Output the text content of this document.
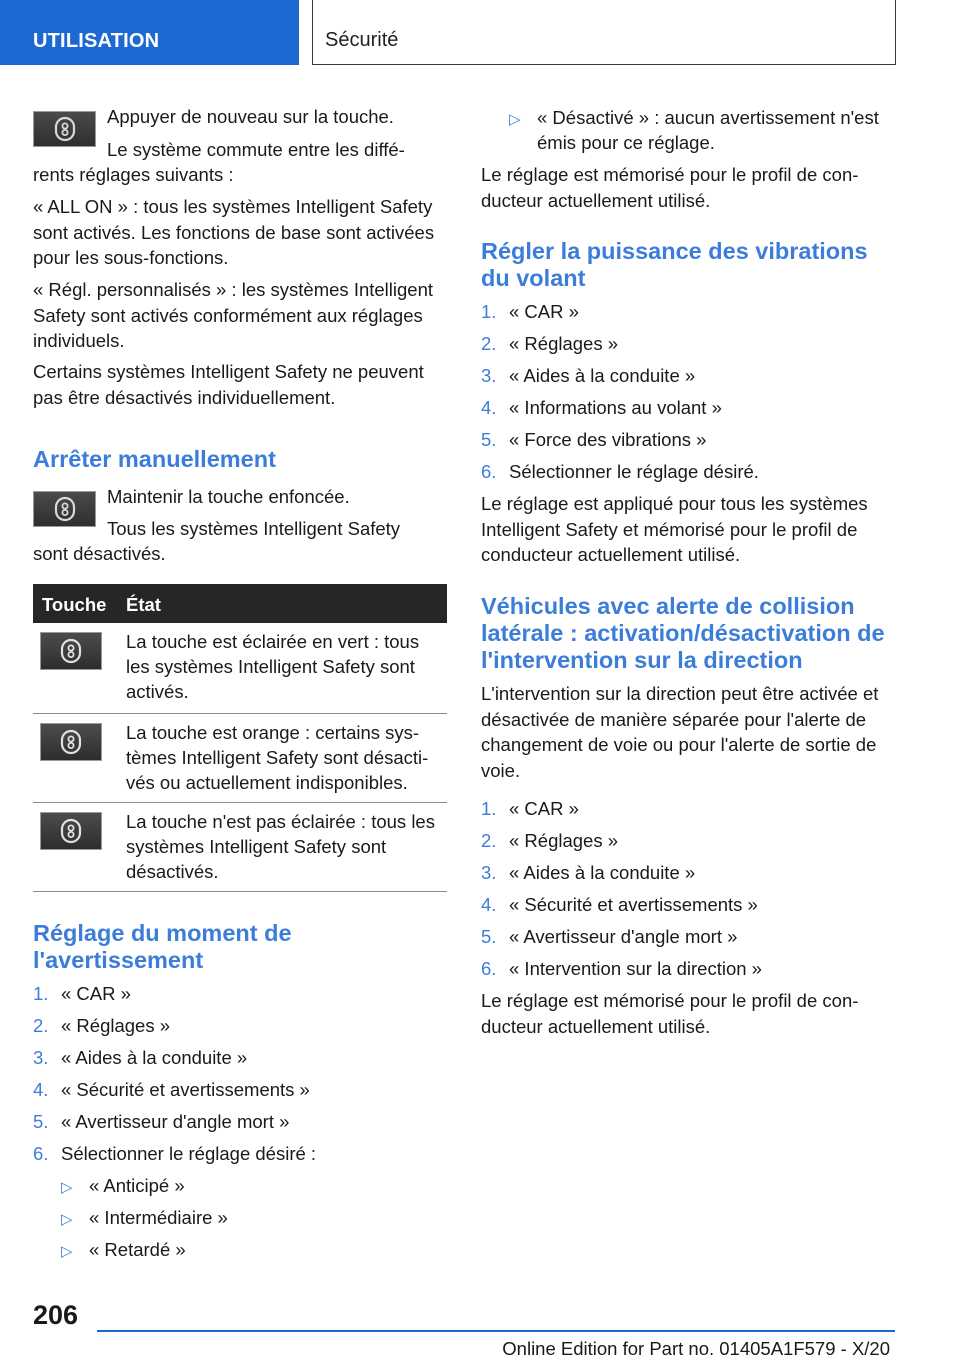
UTILISATION	Sécurité

Appuyer de nouveau sur la touche.

Le système commute entre les diffé-

rents réglages suivants :

« ALL ON » : tous les systèmes Intelligent Safety sont activés. Les fonctions de base sont activées pour les sous-fonctions.

« Régl. personnalisés » : les systèmes Intelligent Safety sont activés conformément aux réglages individuels.

Certains systèmes Intelligent Safety ne peuvent pas être désactivés individuellement.

Arrêter manuellement

Maintenir la touche enfoncée.

Tous les systèmes Intelligent Safety

sont désactivés.

Touche État

La touche est éclairée en vert : tous les systèmes Intelligent Safety sont activés.

La touche est orange : certains sys-tèmes Intelligent Safety sont désacti-vés ou actuellement indisponibles.

La touche n'est pas éclairée : tous les systèmes Intelligent Safety sont désactivés.

Réglage du moment de l'avertissement
1. « CAR »
2. « Réglages »
3. « Aides à la conduite »
4. « Sécurité et avertissements »
5. « Avertisseur d'angle mort »
6. Sélectionner le réglage désiré :
▷ « Anticipé »
▷ « Intermédiaire »
▷ « Retardé »
▷ « Désactivé » : aucun avertissement n'est

émis pour ce réglage.

Le réglage est mémorisé pour le profil de con-ducteur actuellement utilisé.

Régler la puissance des vibrations du volant
1. « CAR »
2. « Réglages »
3. « Aides à la conduite »
4. « Informations au volant »
5. « Force des vibrations »
6. Sélectionner le réglage désiré.

Le réglage est appliqué pour tous les systèmes Intelligent Safety et mémorisé pour le profil de conducteur actuellement utilisé.

Véhicules avec alerte de collision latérale : activation/désactivation de l'intervention sur la direction

L'intervention sur la direction peut être activée et désactivée de manière séparée pour l'alerte de changement de voie ou pour l'alerte de sortie de voie.

1. « CAR »
2. « Réglages »
3. « Aides à la conduite »
4. « Sécurité et avertissements »
5. « Avertisseur d'angle mort »
6. « Intervention sur la direction »

Le réglage est mémorisé pour le profil de con-ducteur actuellement utilisé.

206
Online Edition for Part no. 01405A1F579 - X/20
